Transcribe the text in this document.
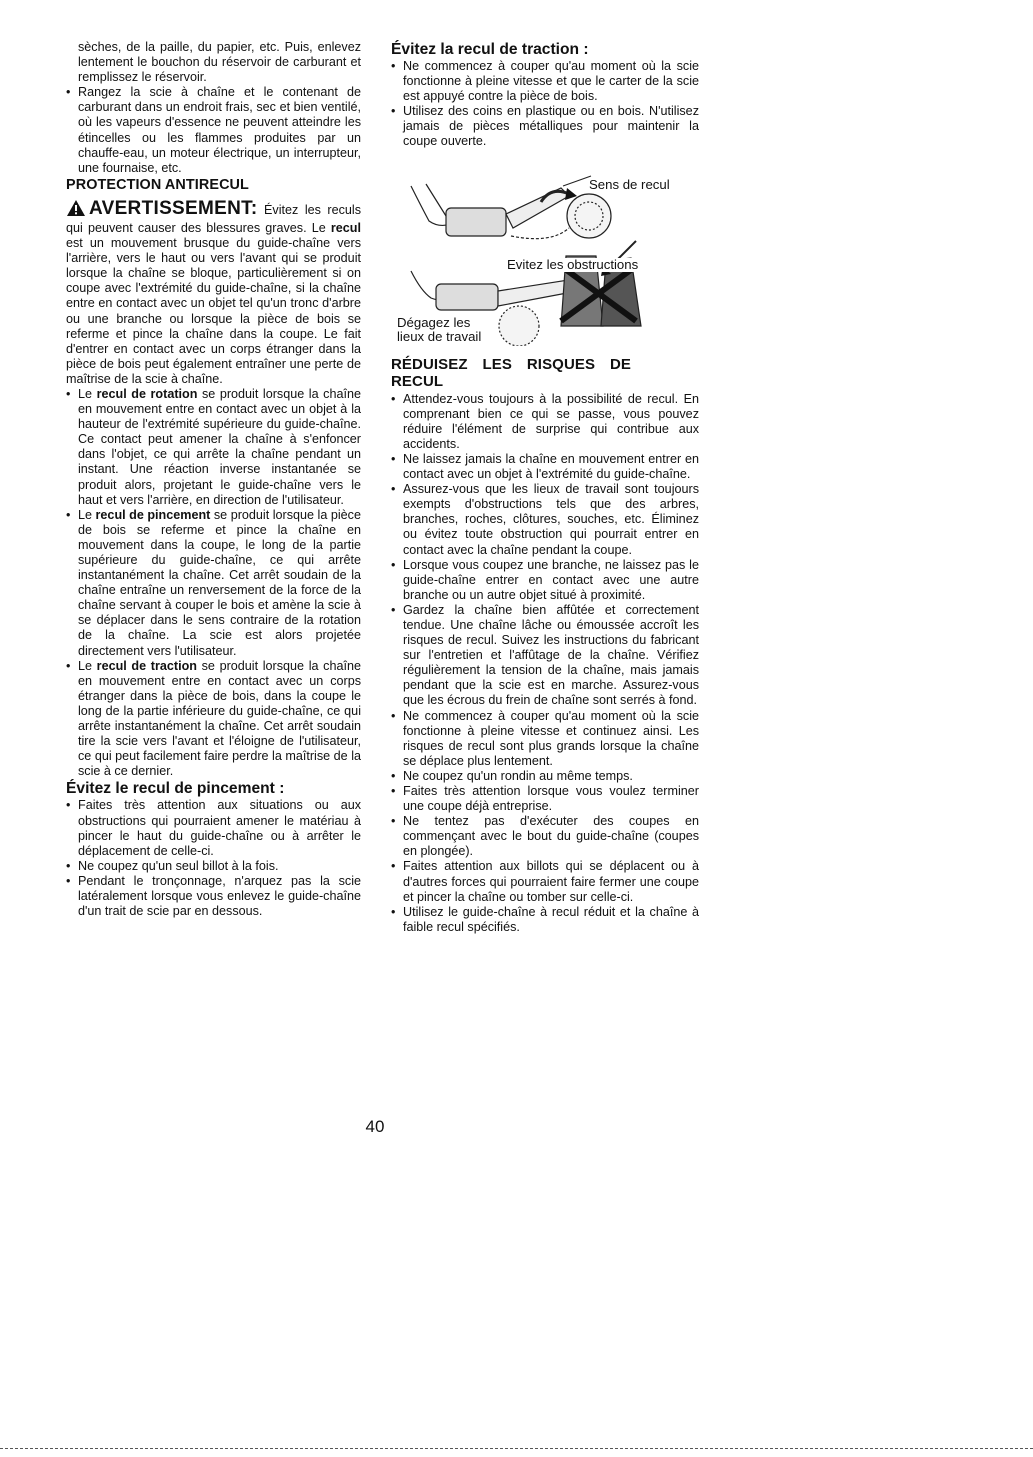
sèches, de la paille, du papier, etc. Puis, enlevez lentement le bouchon du réservoir de carburant et remplissez le réservoir.

• Rangez la scie à chaîne et le contenant de carburant dans un endroit frais, sec et bien ventilé, où les vapeurs d'essence ne peuvent atteindre les étincelles ou les flammes produites par un chauffe-eau, un moteur électrique, un interrupteur, une fournaise, etc.
PROTECTION ANTIRECUL

AVERTISSEMENT: Évitez les reculs qui peuvent causer des blessures graves. Le recul est un mouvement brusque du guide-chaîne vers l'arrière, vers le haut ou vers l'avant qui se produit lorsque la chaîne se bloque, particulièrement si on coupe avec l'extrémité du guide-chaîne, si la chaîne entre en contact avec un objet tel qu'un tronc d'arbre ou une branche ou lorsque la pièce de bois se referme et pince la chaîne dans la coupe. Le fait d'entrer en contact avec un corps étranger dans la pièce de bois peut également entraîner une perte de maîtrise de la scie à chaîne.

• Le recul de rotation se produit lorsque la chaîne en mouvement entre en contact avec un objet à la hauteur de l'extrémité supérieure du guide-chaîne. Ce contact peut amener la chaîne à s'enfoncer dans l'objet, ce qui arrête la chaîne pendant un instant. Une réaction inverse instantanée se produit alors, projetant le guide-chaîne vers le haut et vers l'arrière, en direction de l'utilisateur.
• Le recul de pincement se produit lorsque la pièce de bois se referme et pince la chaîne en mouvement dans la coupe, le long de la partie supérieure du guide-chaîne, ce qui arrête instantanément la chaîne. Cet arrêt soudain de la chaîne entraîne un renversement de la force de la chaîne servant à couper le bois et amène la scie à se déplacer dans le sens contraire de la rotation de la chaîne. La scie est alors projetée directement vers l'utilisateur.
• Le recul de traction se produit lorsque la chaîne en mouvement entre en contact avec un corps étranger dans la pièce de bois, dans la coupe le long de la partie inférieure du guide-chaîne, ce qui arrête instantanément la chaîne. Cet arrêt soudain tire la scie vers l'avant et l'éloigne de l'utilisateur, ce qui peut facilement faire perdre la maîtrise de la scie à ce dernier.
Évitez le recul de pincement :
• Faites très attention aux situations ou aux obstructions qui pourraient amener le matériau à pincer le haut du guide-chaîne ou à arrêter le déplacement de celle-ci.
• Ne coupez qu'un seul billot à la fois.
• Pendant le tronçonnage, n'arquez pas la scie latéralement lorsque vous enlevez le guide-chaîne d'un trait de scie par en dessous.
Évitez la recul de traction :
• Ne commencez à couper qu'au moment où la scie fonctionne à pleine vitesse et que le carter de la scie est appuyé contre la pièce de bois.
• Utilisez des coins en plastique ou en bois. N'utilisez jamais de pièces métalliques pour maintenir la coupe ouverte.
Sens de recul
Evitez les obstructions
Dégagez les
lieux de travail
RÉDUISEZ LES RISQUES DE RECUL
• Attendez-vous toujours à la possibilité de recul. En comprenant bien ce qui se passe, vous pouvez réduire l'élément de surprise qui contribue aux accidents.
• Ne laissez jamais la chaîne en mouvement entrer en contact avec un objet à l'extrémité du guide-chaîne.
• Assurez-vous que les lieux de travail sont toujours exempts d'obstructions tels que des arbres, branches, roches, clôtures, souches, etc. Éliminez ou évitez toute obstruction qui pourrait entrer en contact avec la chaîne pendant la coupe.
• Lorsque vous coupez une branche, ne laissez pas le guide-chaîne entrer en contact avec une autre branche ou un autre objet situé à proximité.
• Gardez la chaîne bien affûtée et correctement tendue. Une chaîne lâche ou émoussée accroît les risques de recul. Suivez les instructions du fabricant sur l'entretien et l'affûtage de la chaîne. Vérifiez régulièrement la tension de la chaîne, mais jamais pendant que la scie est en marche. Assurez-vous que les écrous du frein de chaîne sont serrés à fond.
• Ne commencez à couper qu'au moment où la scie fonctionne à pleine vitesse et continuez ainsi. Les risques de recul sont plus grands lorsque la chaîne se déplace plus lentement.
• Ne coupez qu'un rondin au même temps.
• Faites très attention lorsque vous voulez terminer une coupe déjà entreprise.
• Ne tentez pas d'exécuter des coupes en commençant avec le bout du guide-chaîne (coupes en plongée).
• Faites attention aux billots qui se déplacent ou à d'autres forces qui pourraient faire fermer une coupe et pincer la chaîne ou tomber sur celle-ci.
• Utilisez le guide-chaîne à recul réduit et la chaîne à faible recul spécifiés.
40
